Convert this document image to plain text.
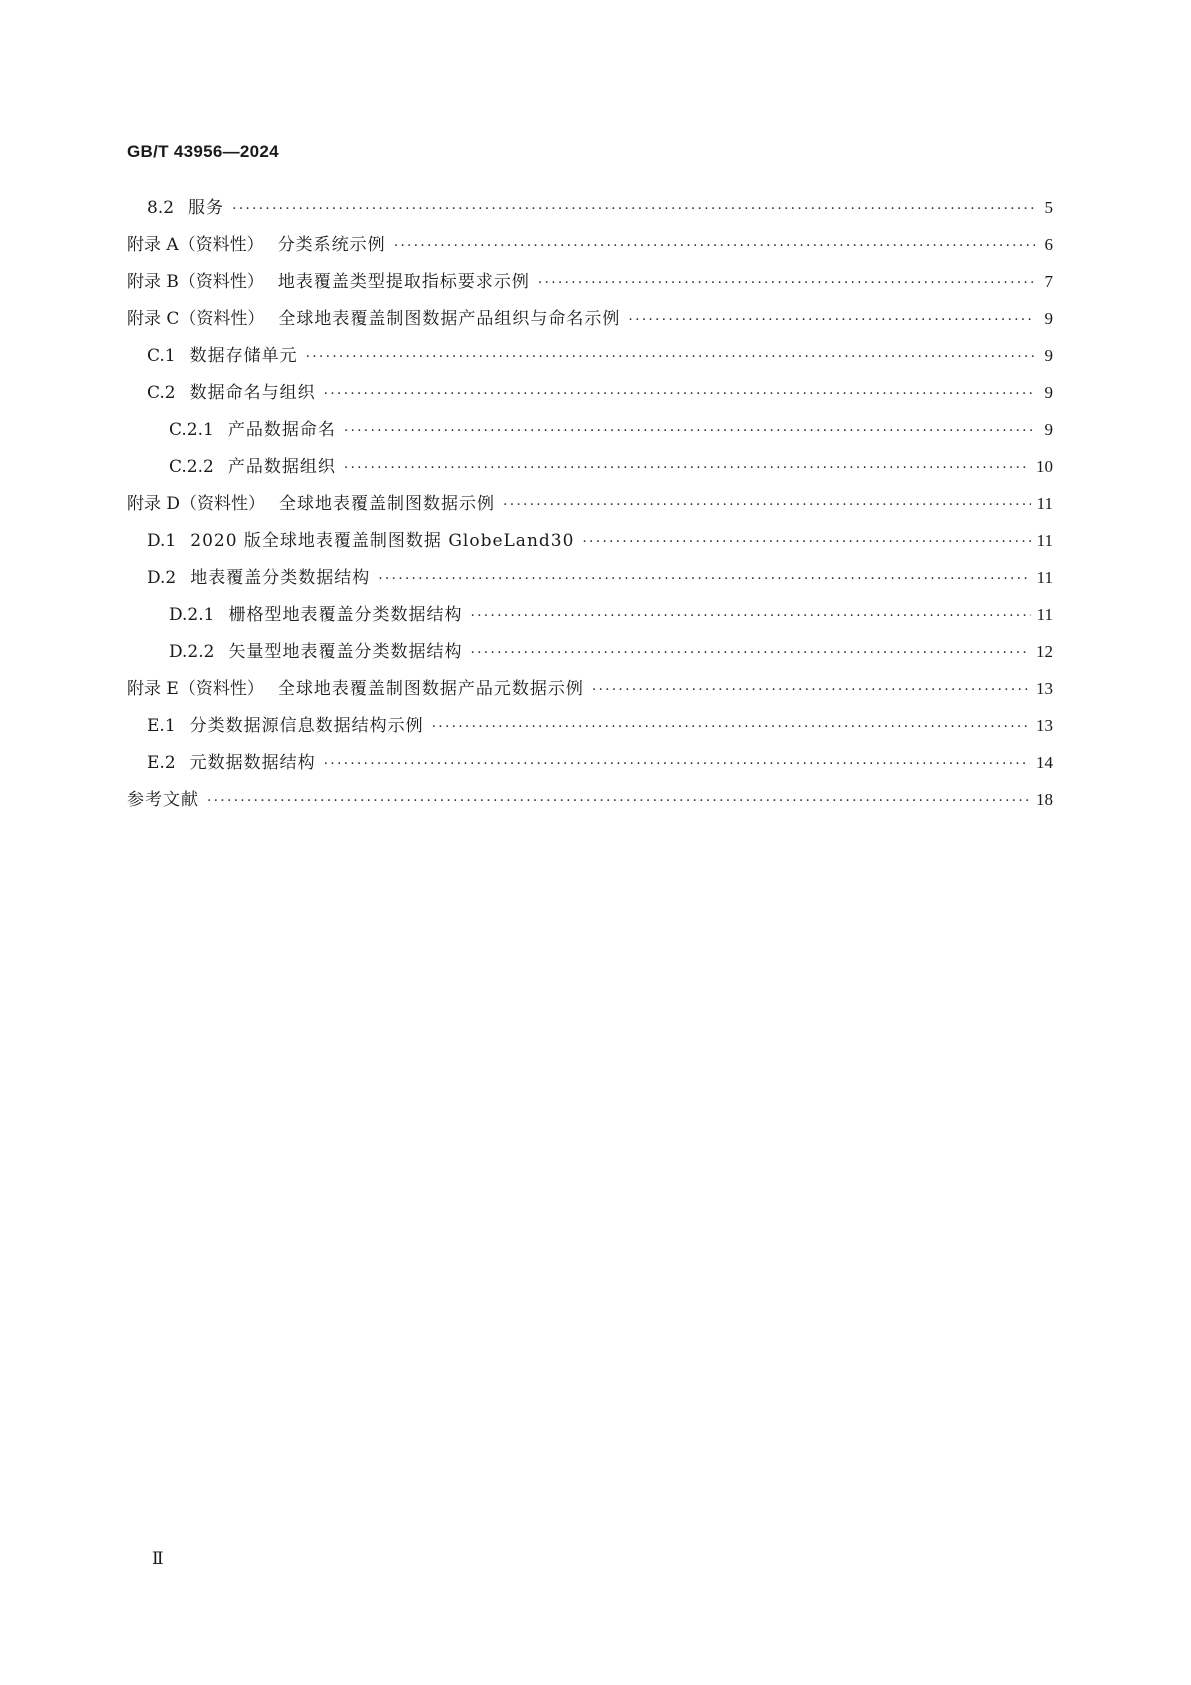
GB/T 43956—2024
8.2 服务 ·····	5
附录 A（资料性） 分类系统示例 ·····	6
附录 B（资料性） 地表覆盖类型提取指标要求示例 ·····	7
附录 C（资料性） 全球地表覆盖制图数据产品组织与命名示例 ·····	9
C.1 数据存储单元 ·····	9
C.2 数据命名与组织 ·····	9
C.2.1 产品数据命名 ·····	9
C.2.2 产品数据组织 ·····	10
附录 D（资料性） 全球地表覆盖制图数据示例 ·····	11
D.1 2020 版全球地表覆盖制图数据 GlobeLand30 ·····	11
D.2 地表覆盖分类数据结构 ·····	11
D.2.1 栅格型地表覆盖分类数据结构 ·····	11
D.2.2 矢量型地表覆盖分类数据结构 ·····	12
附录 E（资料性） 全球地表覆盖制图数据产品元数据示例 ·····	13
E.1 分类数据源信息数据结构示例 ·····	13
E.2 元数据数据结构 ·····	14
参考文献 ·····	18
Ⅱ
